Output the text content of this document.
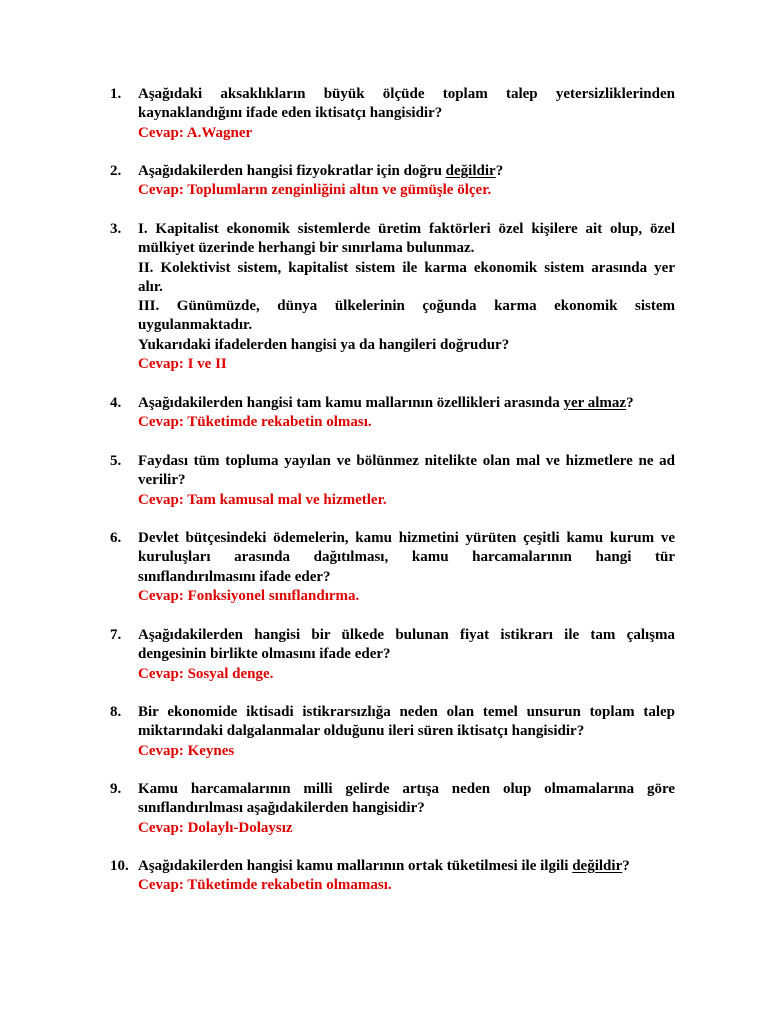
1.	Aşağıdaki aksaklıkların büyük ölçüde toplam talep yetersizliklerinden
kaynaklandığını ifade eden iktisatçı hangisidir?
Cevap: A.Wagner
2.	Aşağıdakilerden hangisi fizyokratlar için doğru değildir?
Cevap: Toplumların zenginliğini altın ve gümüşle ölçer.
3.	I. Kapitalist ekonomik sistemlerde üretim faktörleri özel kişilere ait olup, özel
mülkiyet üzerinde herhangi bir sınırlama bulunmaz.
II. Kolektivist sistem, kapitalist sistem ile karma ekonomik sistem arasında yer
alır.
III. Günümüzde, dünya ülkelerinin çoğunda karma ekonomik sistem
uygulanmaktadır.
Yukarıdaki ifadelerden hangisi ya da hangileri doğrudur?
Cevap: I ve II
4.	Aşağıdakilerden hangisi tam kamu mallarının özellikleri arasında yer almaz?
Cevap: Tüketimde rekabetin olması.
5.	Faydası tüm topluma yayılan ve bölünmez nitelikte olan mal ve hizmetlere ne ad
verilir?
Cevap: Tam kamusal mal ve hizmetler.
6.	Devlet bütçesindeki ödemelerin, kamu hizmetini yürüten çeşitli kamu kurum ve
kuruluşları arasında dağıtılması, kamu harcamalarının hangi tür
sınıflandırılmasını ifade eder?
Cevap: Fonksiyonel sınıflandırma.
7.	Aşağıdakilerden hangisi bir ülkede bulunan fiyat istikrarı ile tam çalışma
dengesinin birlikte olmasını ifade eder?
Cevap: Sosyal denge.
8.	Bir ekonomide iktisadi istikrarsızlığa neden olan temel unsurun toplam talep
miktarındaki dalgalanmalar olduğunu ileri süren iktisatçı hangisidir?
Cevap: Keynes
9.	Kamu harcamalarının milli gelirde artışa neden olup olmamalarına göre
sınıflandırılması aşağıdakilerden hangisidir?
Cevap: Dolaylı-Dolaysız
10. Aşağıdakilerden hangisi kamu mallarının ortak tüketilmesi ile ilgili değildir?
Cevap: Tüketimde rekabetin olmaması.
